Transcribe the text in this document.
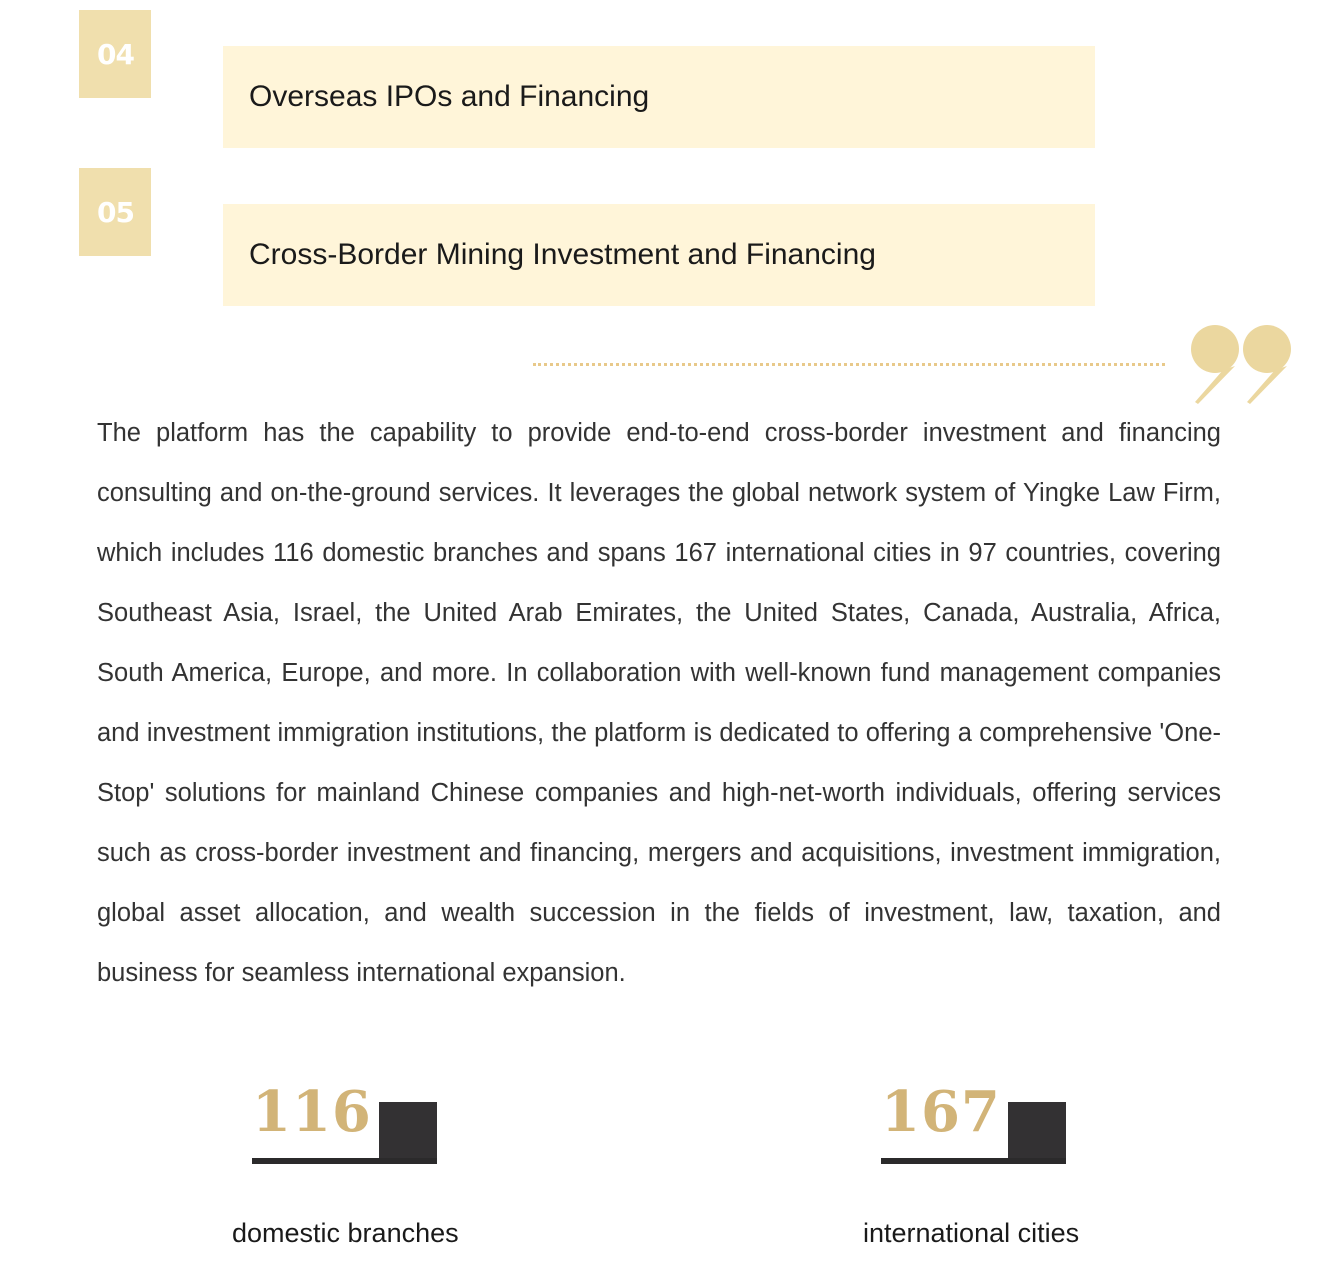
04
Overseas IPOs and Financing
05
Cross-Border Mining Investment and Financing

The platform has the capability to provide end-to-end cross-border investment and financing consulting and on-the-ground services. It leverages the global network system of Yingke Law Firm, which includes 116 domestic branches and spans 167 international cities in 97 countries, covering Southeast Asia, Israel, the United Arab Emirates, the United States, Canada, Australia, Africa, South America, Europe, and more. In collaboration with well-known fund management companies and investment immigration institutions, the platform is dedicated to offering a comprehensive 'One-Stop' solutions for mainland Chinese companies and high-net-worth individuals, offering services such as cross-border investment and financing, mergers and acquisitions, investment immigration, global asset allocation, and wealth succession in the fields of investment, law, taxation, and business for seamless international expansion.

116
domestic branches
167
international cities
